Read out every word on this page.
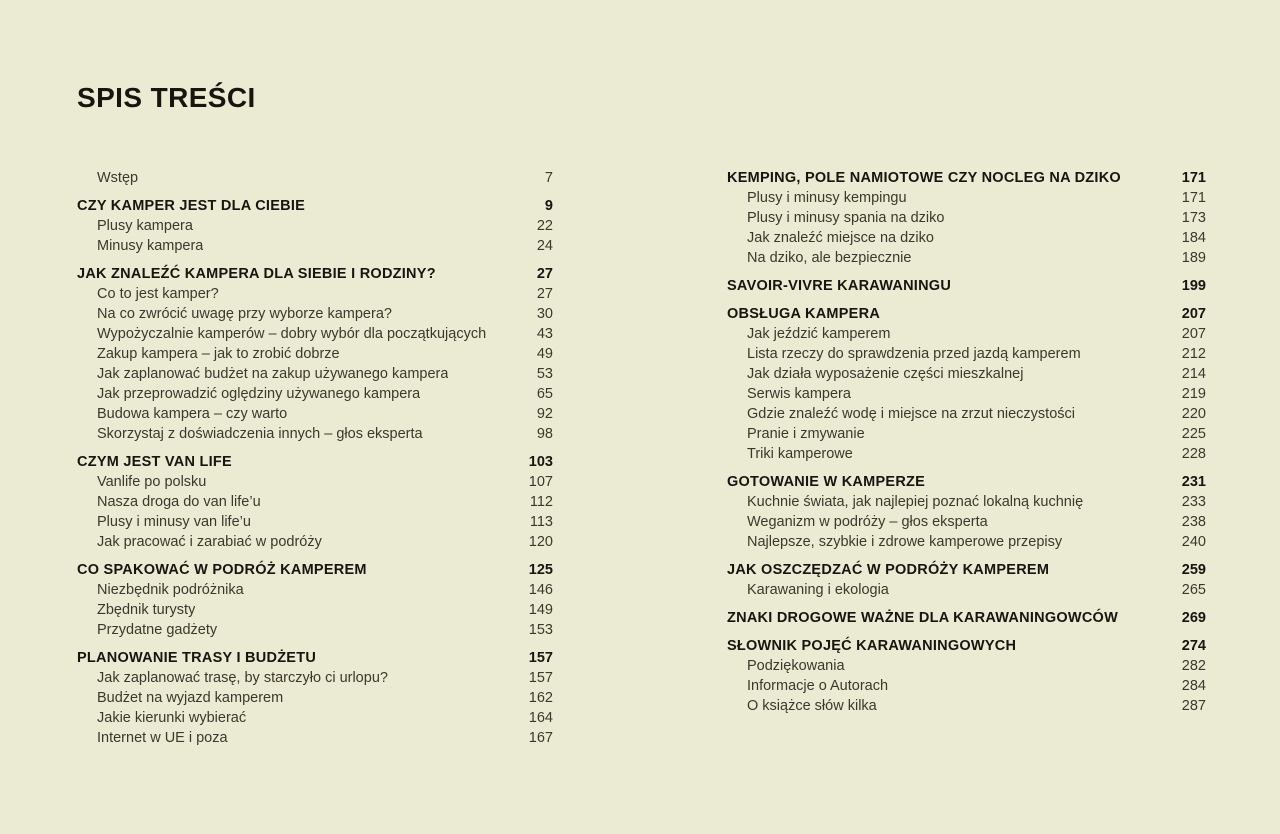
SPIS TREŚCI
Wstęp	7
CZY KAMPER JEST DLA CIEBIE	9
Plusy kampera	22
Minusy kampera	24
JAK ZNALEŹĆ KAMPERA DLA SIEBIE I RODZINY?	27
Co to jest kamper?	27
Na co zwrócić uwagę przy wyborze kampera?	30
Wypożyczalnie kamperów – dobry wybór dla początkujących	43
Zakup kampera – jak to zrobić dobrze	49
Jak zaplanować budżet na zakup używanego kampera	53
Jak przeprowadzić oględziny używanego kampera	65
Budowa kampera – czy warto	92
Skorzystaj z doświadczenia innych – głos eksperta	98
CZYM JEST VAN LIFE	103
Vanlife po polsku	107
Nasza droga do van life’u	112
Plusy i minusy van life’u	113
Jak pracować i zarabiać w podróży	120
CO SPAKOWAĆ W PODRÓŻ KAMPEREM	125
Niezbędnik podróżnika	146
Zbędnik turysty	149
Przydatne gadżety	153
PLANOWANIE TRASY I BUDŻETU	157
Jak zaplanować trasę, by starczyło ci urlopu?	157
Budżet na wyjazd kamperem	162
Jakie kierunki wybierać	164
Internet w UE i poza	167
KEMPING, POLE NAMIOTOWE CZY NOCLEG NA DZIKO	171
Plusy i minusy kempingu	171
Plusy i minusy spania na dziko	173
Jak znaleźć miejsce na dziko	184
Na dziko, ale bezpiecznie	189
SAVOIR-VIVRE KARAWANINGU	199
OBSŁUGA KAMPERA	207
Jak jeździć kamperem	207
Lista rzeczy do sprawdzenia przed jazdą kamperem	212
Jak działa wyposażenie części mieszkalnej	214
Serwis kampera	219
Gdzie znaleźć wodę i miejsce na zrzut nieczystości	220
Pranie i zmywanie	225
Triki kamperowe	228
GOTOWANIE W KAMPERZE	231
Kuchnie świata, jak najlepiej poznać lokalną kuchnię	233
Weganizm w podróży – głos eksperta	238
Najlepsze, szybkie i zdrowe kamperowe przepisy	240
JAK OSZCZĘDZAĆ W PODRÓŻY KAMPEREM	259
Karawaning i ekologia	265
ZNAKI DROGOWE WAŻNE DLA KARAWANINGOWCÓW	269
SŁOWNIK POJĘĆ KARAWANINGOWYCH	274
Podziękowania	282
Informacje o Autorach	284
O książce słów kilka	287
